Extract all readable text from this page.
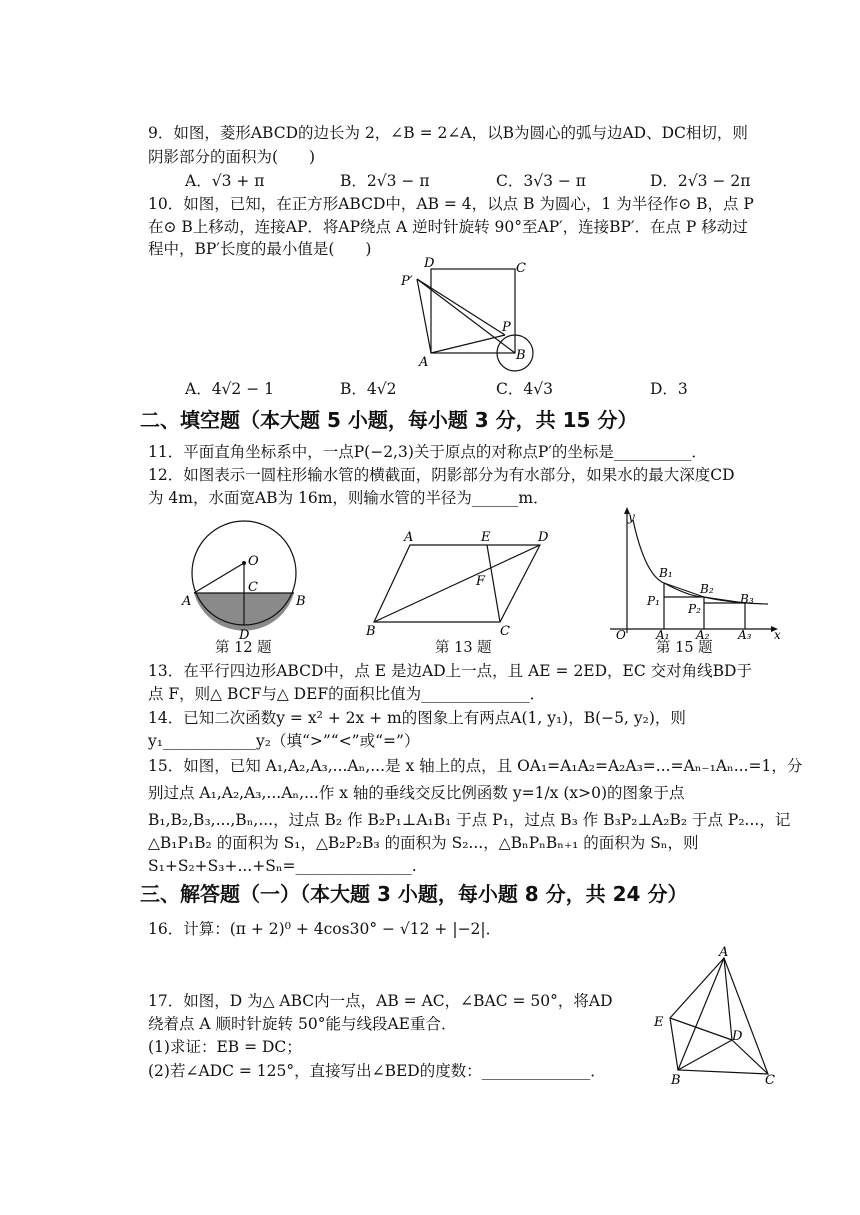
9．如图，菱形ABCD的边长为 2，∠B = 2∠A，以B为圆心的弧与边AD、DC相切，则
阴影部分的面积为(　　)
A．√3 + π	B．2√3 − π	C．3√3 − π	D．2√3 − 2π
10．如图，已知，在正方形ABCD中，AB = 4，以点 B 为圆心，1 为半径作⊙ B，点 P
在⊙ B上移动，连接AP．将AP绕点 A 逆时针旋转 90°至AP′，连接BP′．在点 P 移动过
程中，BP′长度的最小值是(　　)
D	C
P′
P
A	B
A．4√2 − 1	B．4√2	C．4√3	D．3
二、填空题（本大题 5 小题，每小题 3 分，共 15 分）
11．平面直角坐标系中，一点P(−2,3)关于原点的对称点P′的坐标是__________．
12．如图表示一圆柱形输水管的横截面，阴影部分为有水部分，如果水的最大深度CD
为 4m，水面宽AB为 16m，则输水管的半径为______m．
O
C
A	B
D
A	E	D
F
B	C
y
x
O
B₁
B₂
B₃
P₁
P₂
A₁ A₂ A₃
第 12 题	第 13 题	第 15 题
13．在平行四边形ABCD中，点 E 是边AD上一点，且 AE = 2ED，EC 交对角线BD于
点 F，则△ BCF与△ DEF的面积比值为______________．
14．已知二次函数y = x² + 2x + m的图象上有两点A(1, y₁)，B(−5, y₂)，则
y₁____________y₂（填“>”“<”或“=”）
15．如图，已知 A₁,A₂,A₃,...Aₙ,...是 x 轴上的点，且 OA₁=A₁A₂=A₂A₃=...=Aₙ₋₁Aₙ...=1，分
别过点 A₁,A₂,A₃,...Aₙ,...作 x 轴的垂线交反比例函数 y=1/x (x>0)的图象于点
B₁,B₂,B₃,...,Bₙ,...，过点 B₂ 作 B₂P₁⊥A₁B₁ 于点 P₁，过点 B₃ 作 B₃P₂⊥A₂B₂ 于点 P₂...，记
△B₁P₁B₂ 的面积为 S₁，△B₂P₂B₃ 的面积为 S₂...，△BₙPₙBₙ₊₁ 的面积为 Sₙ，则
S₁+S₂+S₃+...+Sₙ=_______________.
三、解答题（一）（本大题 3 小题，每小题 8 分，共 24 分）
16．计算：(π + 2)⁰ + 4cos30° − √12 + |−2|．
17．如图，D 为△ ABC内一点，AB = AC，∠BAC = 50°，将AD
绕着点 A 顺时针旋转 50°能与线段AE重合．
(1)求证：EB = DC；
(2)若∠ADC = 125°，直接写出∠BED的度数：______________．
A
E
D
B	C
